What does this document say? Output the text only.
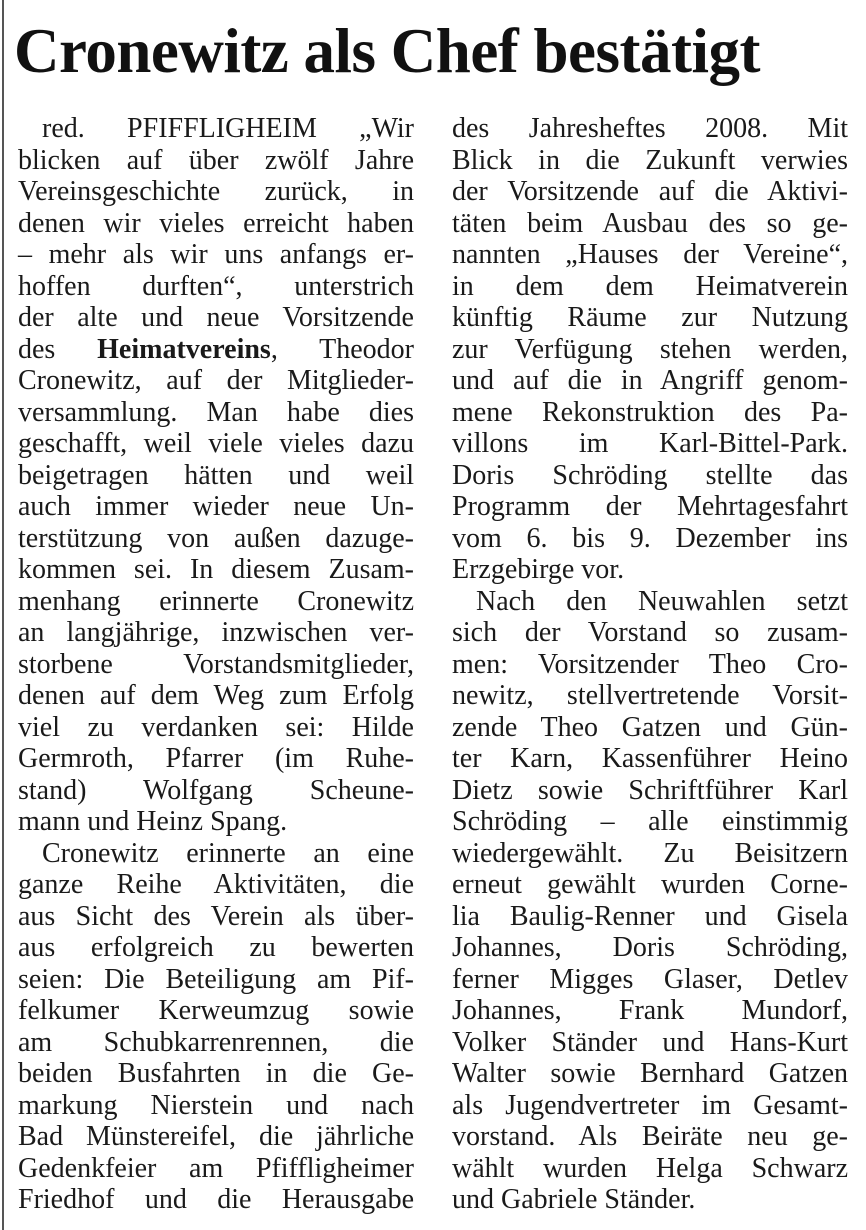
Cronewitz als Chef bestätigt
red. PFIFFLIGHEIM „Wir
blicken auf über zwölf Jahre
Vereinsgeschichte zurück, in
denen wir vieles erreicht haben
– mehr als wir uns anfangs er-
hoffen durften“, unterstrich
der alte und neue Vorsitzende
des Heimatvereins, Theodor
Cronewitz, auf der Mitglieder-
versammlung. Man habe dies
geschafft, weil viele vieles dazu
beigetragen hätten und weil
auch immer wieder neue Un-
terstützung von außen dazuge-
kommen sei. In diesem Zusam-
menhang erinnerte Cronewitz
an langjährige, inzwischen ver-
storbene Vorstandsmitglieder,
denen auf dem Weg zum Erfolg
viel zu verdanken sei: Hilde
Germroth, Pfarrer (im Ruhe-
stand) Wolfgang Scheune-
mann und Heinz Spang.
Cronewitz erinnerte an eine
ganze Reihe Aktivitäten, die
aus Sicht des Verein als über-
aus erfolgreich zu bewerten
seien: Die Beteiligung am Pif-
felkumer Kerweumzug sowie
am Schubkarrenrennen, die
beiden Busfahrten in die Ge-
markung Nierstein und nach
Bad Münstereifel, die jährliche
Gedenkfeier am Pfiffligheimer
Friedhof und die Herausgabe
des Jahresheftes 2008. Mit
Blick in die Zukunft verwies
der Vorsitzende auf die Aktivi-
täten beim Ausbau des so ge-
nannten „Hauses der Vereine“,
in dem dem Heimatverein
künftig Räume zur Nutzung
zur Verfügung stehen werden,
und auf die in Angriff genom-
mene Rekonstruktion des Pa-
villons im Karl-Bittel-Park.
Doris Schröding stellte das
Programm der Mehrtagesfahrt
vom 6. bis 9. Dezember ins
Erzgebirge vor.
Nach den Neuwahlen setzt
sich der Vorstand so zusam-
men: Vorsitzender Theo Cro-
newitz, stellvertretende Vorsit-
zende Theo Gatzen und Gün-
ter Karn, Kassenführer Heino
Dietz sowie Schriftführer Karl
Schröding – alle einstimmig
wiedergewählt. Zu Beisitzern
erneut gewählt wurden Corne-
lia Baulig-Renner und Gisela
Johannes, Doris Schröding,
ferner Migges Glaser, Detlev
Johannes, Frank Mundorf,
Volker Ständer und Hans-Kurt
Walter sowie Bernhard Gatzen
als Jugendvertreter im Gesamt-
vorstand. Als Beiräte neu ge-
wählt wurden Helga Schwarz
und Gabriele Ständer.
